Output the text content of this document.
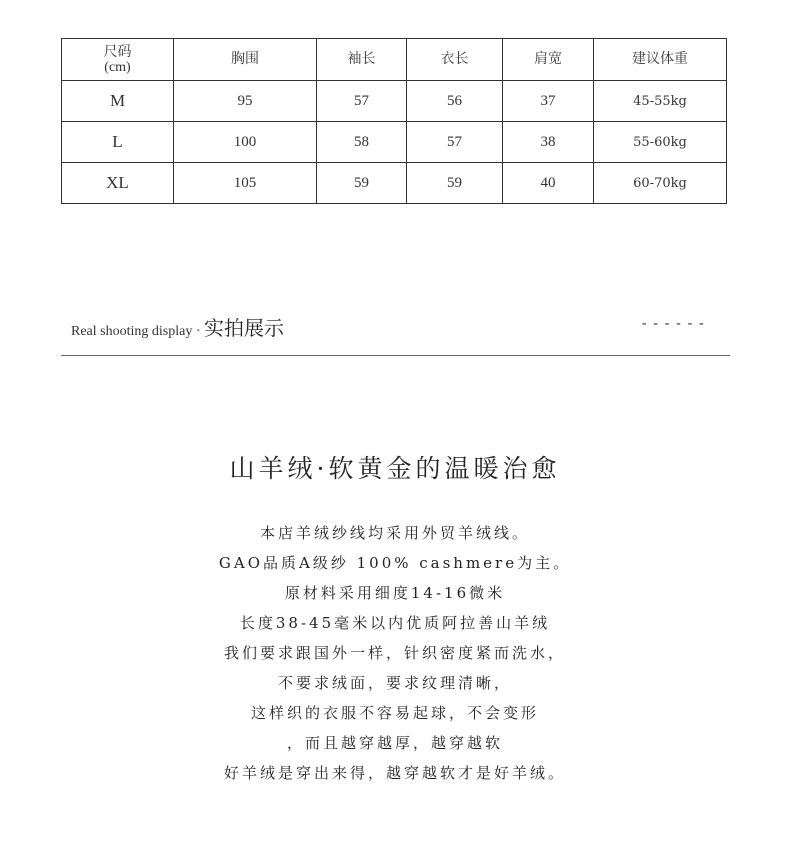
尺码
(cm)	胸围	袖长	衣长	肩宽	建议体重
M	95	57	56	37	45-55kg
L	100	58	57	38	55-60kg
XL	105	59	59	40	60-70kg
Real shooting display · 实拍展示	------
山羊绒·软黄金的温暖治愈
本店羊绒纱线均采用外贸羊绒线。
GAO品质A级纱 100% cashmere为主。
原材料采用细度14-16微米
长度38-45毫米以内优质阿拉善山羊绒
我们要求跟国外一样，针织密度紧而洗水，
不要求绒面，要求纹理清晰，
这样织的衣服不容易起球，不会变形
，而且越穿越厚，越穿越软
好羊绒是穿出来得，越穿越软才是好羊绒。
